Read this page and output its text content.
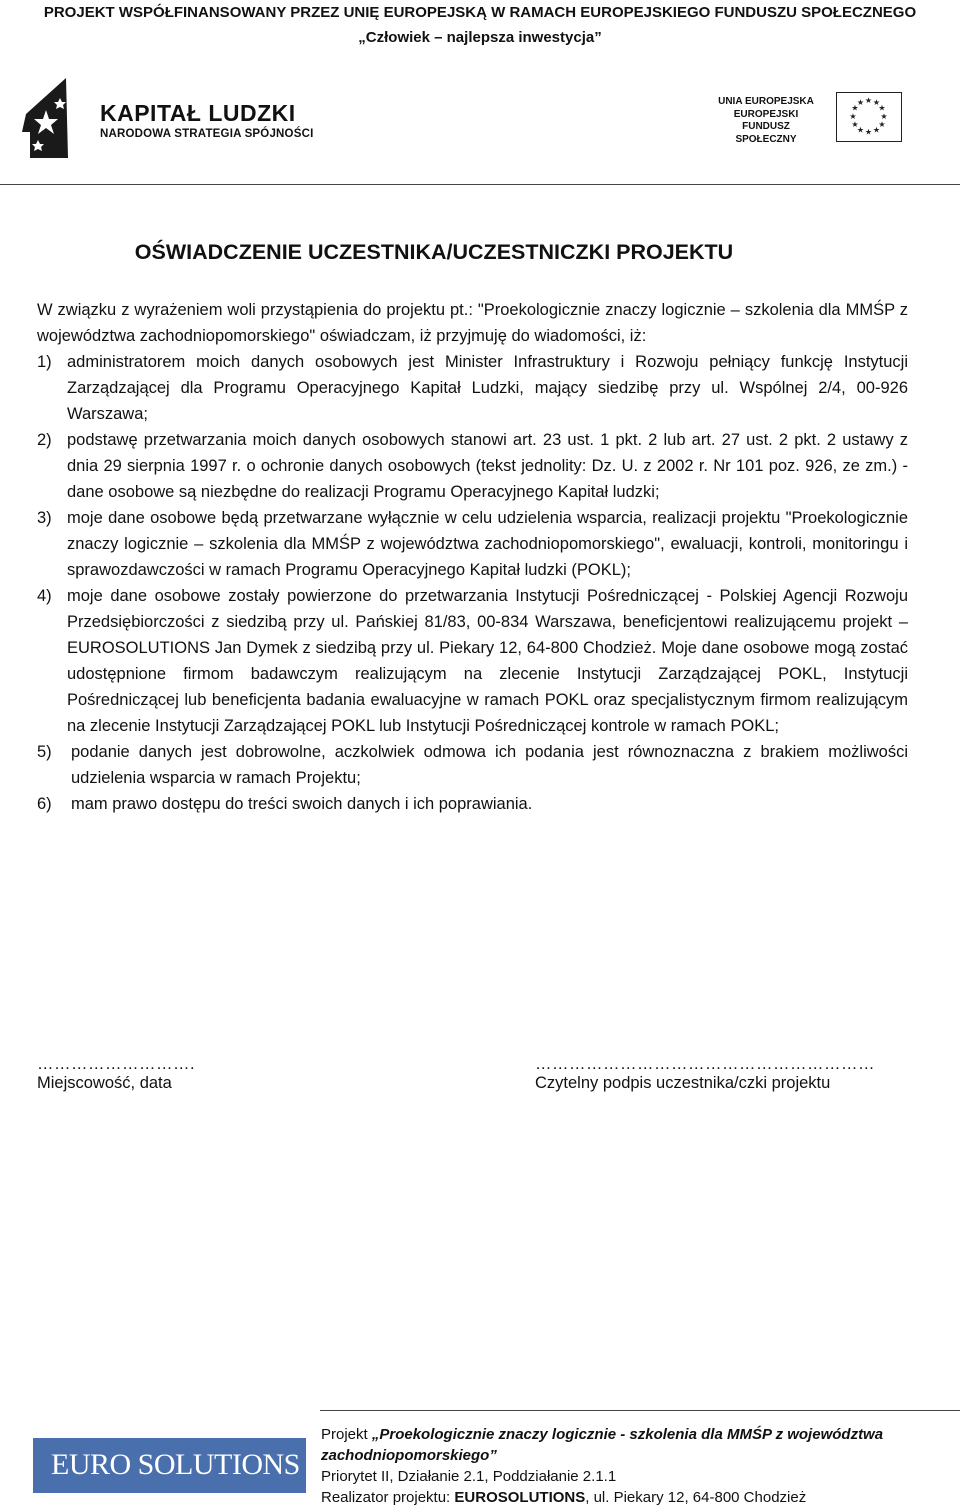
PROJEKT WSPÓŁFINANSOWANY PRZEZ UNIĘ EUROPEJSKĄ W RAMACH EUROPEJSKIEGO FUNDUSZU SPOŁECZNEGO
„Człowiek – najlepsza inwestycja”
KAPITAŁ LUDZKI
NARODOWA STRATEGIA SPÓJNOŚCI
UNIA EUROPEJSKA
EUROPEJSKI
FUNDUSZ SPOŁECZNY
★ ★
★
★
★
★
★
★
★
★
★
★
OŚWIADCZENIE UCZESTNIKA/UCZESTNICZKI PROJEKTU

W związku z wyrażeniem woli przystąpienia do projektu pt.: "Proekologicznie znaczy logicznie – szkolenia dla MMŚP z województwa zachodniopomorskiego" oświadczam, iż przyjmuję do wiadomości, iż:

1) administratorem moich danych osobowych jest Minister Infrastruktury i Rozwoju pełniący funkcję Instytucji Zarządzającej dla Programu Operacyjnego Kapitał Ludzki, mający siedzibę przy ul. Wspólnej 2/4, 00-926 Warszawa;
2) podstawę przetwarzania moich danych osobowych stanowi art. 23 ust. 1 pkt. 2 lub art. 27 ust. 2 pkt. 2 ustawy z dnia 29 sierpnia 1997 r. o ochronie danych osobowych (tekst jednolity: Dz. U. z 2002 r. Nr 101 poz. 926, ze zm.) - dane osobowe są niezbędne do realizacji Programu Operacyjnego Kapitał ludzki;
3) moje dane osobowe będą przetwarzane wyłącznie w celu udzielenia wsparcia, realizacji projektu "Proekologicznie znaczy logicznie – szkolenia dla MMŚP z województwa zachodniopomorskiego", ewaluacji, kontroli, monitoringu i sprawozdawczości w ramach Programu Operacyjnego Kapitał ludzki (POKL);
4) moje dane osobowe zostały powierzone do przetwarzania Instytucji Pośredniczącej - Polskiej Agencji Rozwoju Przedsiębiorczości z siedzibą przy ul. Pańskiej 81/83, 00-834 Warszawa, beneficjentowi realizującemu projekt – EUROSOLUTIONS Jan Dymek z siedzibą przy ul. Piekary 12, 64-800 Chodzież. Moje dane osobowe mogą zostać udostępnione firmom badawczym realizującym na zlecenie Instytucji Zarządzającej POKL, Instytucji Pośredniczącej lub beneficjenta badania ewaluacyjne w ramach POKL oraz specjalistycznym firmom realizującym na zlecenie Instytucji Zarządzającej POKL lub Instytucji Pośredniczącej kontrole w ramach POKL;
5)	podanie danych jest dobrowolne, aczkolwiek odmowa ich podania jest równoznaczna z brakiem możliwości udzielenia wsparcia w ramach Projektu;
6)	mam prawo dostępu do treści swoich danych i ich poprawiania.
……………………….
Miejscowość, data
……………………………………………………
Czytelny podpis uczestnika/czki projektu
EURO SOLUTIONS
Projekt „Proekologicznie znaczy logicznie - szkolenia dla MMŚP z województwa zachodniopomorskiego”
Priorytet II, Działanie 2.1, Poddziałanie 2.1.1
Realizator projektu: EUROSOLUTIONS, ul. Piekary 12, 64-800 Chodzież
